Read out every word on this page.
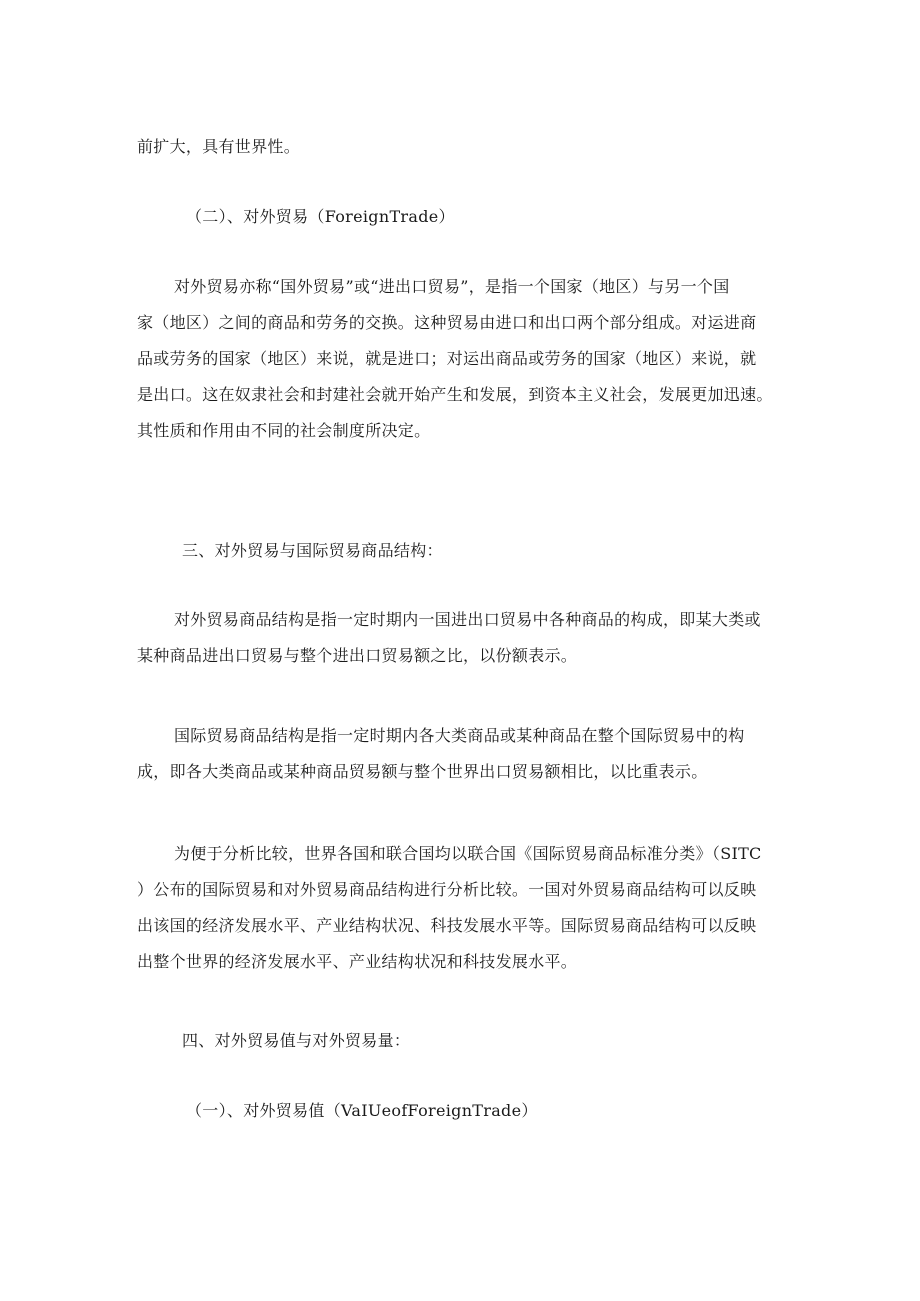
前扩大，具有世界性。

（二）、对外贸易（ForeignTrade）

对外贸易亦称“国外贸易”或“进出口贸易”，是指一个国家（地区）与另一个国
家（地区）之间的商品和劳务的交换。这种贸易由进口和出口两个部分组成。对运进商
品或劳务的国家（地区）来说，就是进口；对运出商品或劳务的国家（地区）来说，就
是出口。这在奴隶社会和封建社会就开始产生和发展，到资本主义社会，发展更加迅速。
其性质和作用由不同的社会制度所决定。

三、对外贸易与国际贸易商品结构：

对外贸易商品结构是指一定时期内一国进出口贸易中各种商品的构成，即某大类或
某种商品进出口贸易与整个进出口贸易额之比，以份额表示。

国际贸易商品结构是指一定时期内各大类商品或某种商品在整个国际贸易中的构
成，即各大类商品或某种商品贸易额与整个世界出口贸易额相比，以比重表示。

为便于分析比较，世界各国和联合国均以联合国《国际贸易商品标准分类》（SITC
）公布的国际贸易和对外贸易商品结构进行分析比较。一国对外贸易商品结构可以反映
出该国的经济发展水平、产业结构状况、科技发展水平等。国际贸易商品结构可以反映
出整个世界的经济发展水平、产业结构状况和科技发展水平。

四、对外贸易值与对外贸易量：

（一）、对外贸易值（VaIUeofForeignTrade）
